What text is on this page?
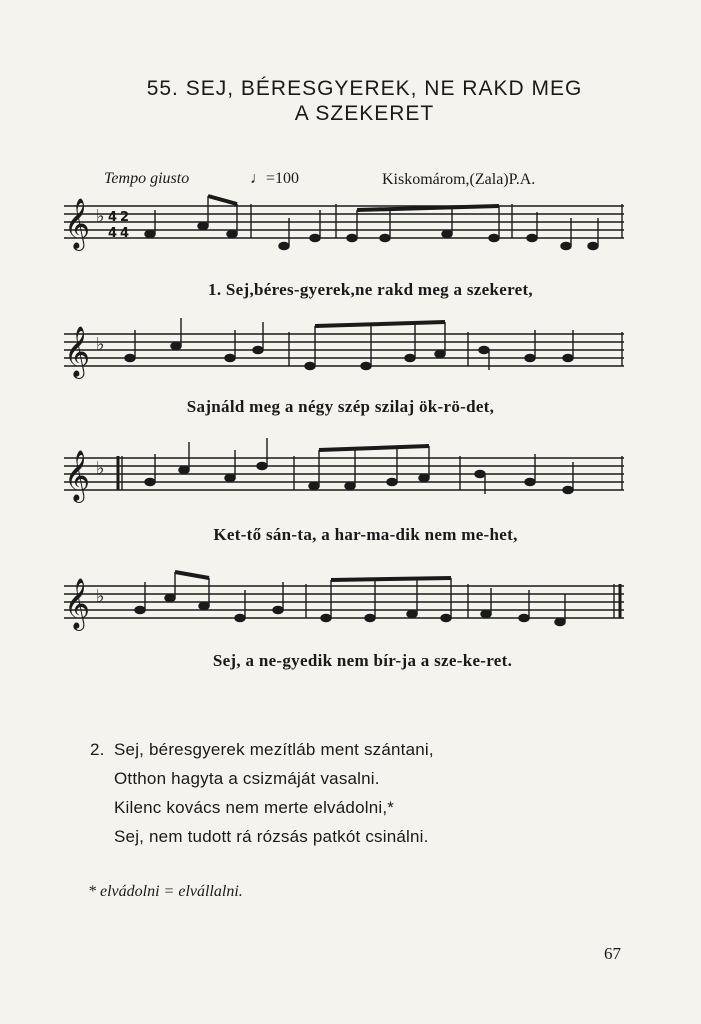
55. SEJ, BÉRESGYEREK, NE RAKD MEG
A SZEKERET
Tempo giusto	♩=100	Kiskomárom,(Zala)P.A.
𝄞 ♭ 4
4
2
4
𝄞 ♭
𝄞 ♭
𝄞 ♭
1. Sej,béres-gyerek,ne rakd meg a szekeret,
Sajnáld meg a négy szép szilaj ök-rö-det,
Ket-tő sán-ta, a har-ma-dik nem me-het,
Sej, a ne-gyedik nem bír-ja a sze-ke-ret.
2. Sej, béresgyerek mezítláb ment szántani,
Otthon hagyta a csizmáját vasalni.
Kilenc kovács nem merte elvádolni,*
Sej, nem tudott rá rózsás patkót csinálni.
* elvádolni = elvállalni.
67
